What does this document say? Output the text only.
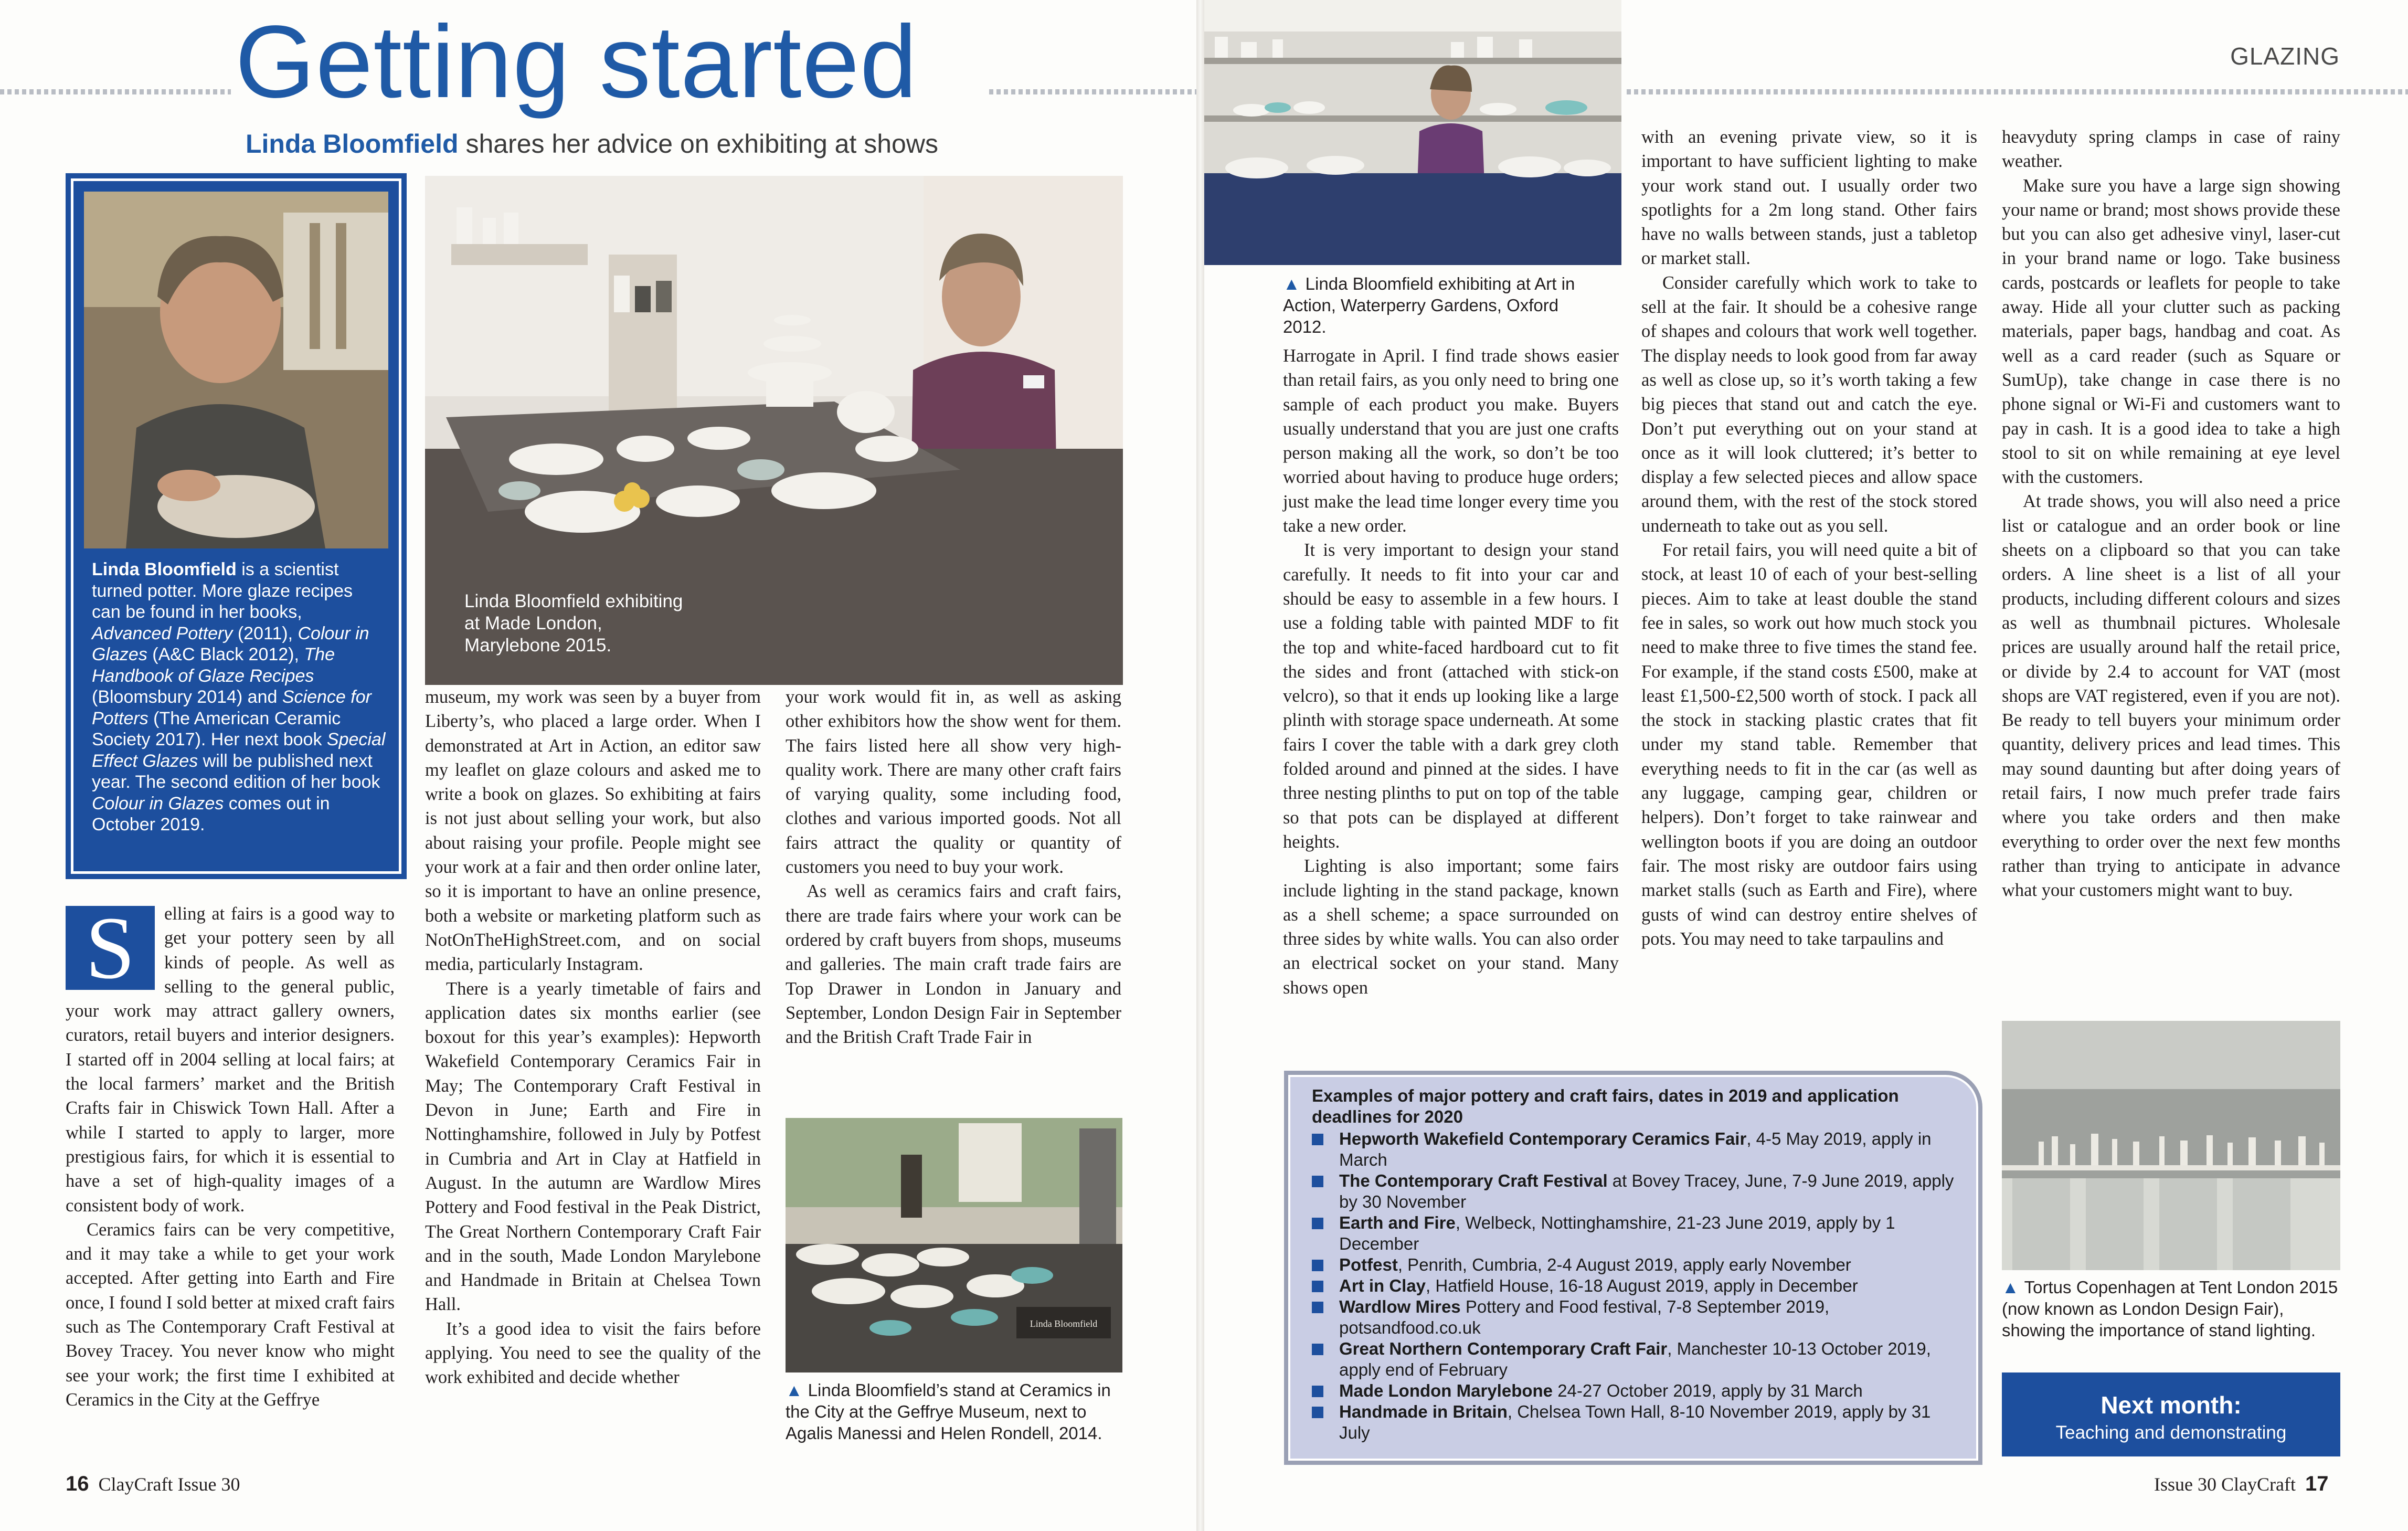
Getting started
Linda Bloomfield shares her advice on exhibiting at shows
GLAZING
Linda Bloomfield is a scientist turned potter. More glaze recipes can be found in her books, Advanced Pottery (2011), Colour in Glazes (A&C Black 2012), The Handbook of Glaze Recipes (Bloomsbury 2014) and Science for Potters (The American Ceramic Society 2017). Her next book Special Effect Glazes will be published next year. The second edition of her book Colour in Glazes comes out in October 2019.
Linda Bloomfield exhibiting at Made London, Marylebone 2015.

S	elling at fairs is a good way to get your pottery seen by all kinds of people. As well as selling to the general public, your work may attract gallery owners, curators, retail buyers and interior designers. I started off in 2004 selling at local fairs; at the local farmers’ market and the British Crafts fair in Chiswick Town Hall. After a while I started to apply to larger, more prestigious fairs, for which it is essential to have a set of high-quality images of a consistent body of work.

Ceramics fairs can be very competitive, and it may take a while to get your work accepted. After getting into Earth and Fire once, I found I sold better at mixed craft fairs such as The Contemporary Craft Festival at Bovey Tracey. You never know who might see your work; the first time I exhibited at Ceramics in the City at the Geffrye

museum, my work was seen by a buyer from Liberty’s, who placed a large order. When I demonstrated at Art in Action, an editor saw my leaflet on glaze colours and asked me to write a book on glazes. So exhibiting at fairs is not just about selling your work, but also about raising your profile. People might see your work at a fair and then order online later, so it is important to have an online presence, both a website or marketing platform such as NotOnTheHighStreet.com, and on social media, particularly Instagram.

There is a yearly timetable of fairs and application dates six months earlier (see boxout for this year’s examples): Hepworth Wakefield Contemporary Ceramics Fair in May; The Contemporary Craft Festival in Devon in June; Earth and Fire in Nottinghamshire, followed in July by Potfest in Cumbria and Art in Clay at Hatfield in August. In the autumn are Wardlow Mires Pottery and Food festival in the Peak District, The Great Northern Contemporary Craft Fair and in the south, Made London Marylebone and Handmade in Britain at Chelsea Town Hall.

It’s a good idea to visit the fairs before applying. You need to see the quality of the work exhibited and decide whether

your work would fit in, as well as asking other exhibitors how the show went for them. The fairs listed here all show very high-quality work. There are many other craft fairs of varying quality, some including food, clothes and various imported goods. Not all fairs attract the quality or quantity of customers you need to buy your work.

As well as ceramics fairs and craft fairs, there are trade fairs where your work can be ordered by craft buyers from shops, museums and galleries. The main craft trade fairs are Top Drawer in London in January and September, London Design Fair in September and the British Craft Trade Fair in

Linda Bloomfield
▲ Linda Bloomfield’s stand at Ceramics in the City at the Geffrye Museum, next to Agalis Manessi and Helen Rondell, 2014.
16 ClayCraft Issue 30
▲ Linda Bloomfield exhibiting at Art in Action, Waterperry Gardens, Oxford 2012.

Harrogate in April. I find trade shows easier than retail fairs, as you only need to bring one sample of each product you make. Buyers usually understand that you are just one crafts person making all the work, so don’t be too worried about having to produce huge orders; just make the lead time longer every time you take a new order.

It is very important to design your stand carefully. It needs to fit into your car and should be easy to assemble in a few hours. I use a folding table with painted MDF to fit the top and white-faced hardboard cut to fit the sides and front (attached with stick-on velcro), so that it ends up looking like a large plinth with storage space underneath. At some fairs I cover the table with a dark grey cloth folded around and pinned at the sides. I have three nesting plinths to put on top of the table so that pots can be displayed at different heights.

Lighting is also important; some fairs include lighting in the stand package, known as a shell scheme; a space surrounded on three sides by white walls. You can also order an electrical socket on your stand. Many shows open

with an evening private view, so it is important to have sufficient lighting to make your work stand out. I usually order two spotlights for a 2m long stand. Other fairs have no walls between stands, just a tabletop or market stall.

Consider carefully which work to take to sell at the fair. It should be a cohesive range of shapes and colours that work well together. The display needs to look good from far away as well as close up, so it’s worth taking a few big pieces that stand out and catch the eye. Don’t put everything out on your stand at once as it will look cluttered; it’s better to display a few selected pieces and allow space around them, with the rest of the stock stored underneath to take out as you sell.

For retail fairs, you will need quite a bit of stock, at least 10 of each of your best-selling pieces. Aim to take at least double the stand fee in sales, so work out how much stock you need to make three to five times the stand fee. For example, if the stand costs £500, make at least £1,500-£2,500 worth of stock. I pack all the stock in stacking plastic crates that fit under my stand table. Remember that everything needs to fit in the car (as well as any luggage, camping gear, children or helpers). Don’t forget to take rainwear and wellington boots if you are doing an outdoor fair. The most risky are outdoor fairs using market stalls (such as Earth and Fire), where gusts of wind can destroy entire shelves of pots. You may need to take tarpaulins and

heavyduty spring clamps in case of rainy weather.

Make sure you have a large sign showing your name or brand; most shows provide these but you can also get adhesive vinyl, laser-cut in your brand name or logo. Take business cards, postcards or leaflets for people to take away. Hide all your clutter such as packing materials, paper bags, handbag and coat. As well as a card reader (such as Square or SumUp), take change in case there is no phone signal or Wi-Fi and customers want to pay in cash. It is a good idea to take a high stool to sit on while remaining at eye level with the customers.

At trade shows, you will also need a price list or catalogue and an order book or line sheets on a clipboard so that you can take orders. A line sheet is a list of all your products, including different colours and sizes as well as thumbnail pictures. Wholesale prices are usually around half the retail price, or divide by 2.4 to account for VAT (most shops are VAT registered, even if you are not). Be ready to tell buyers your minimum order quantity, delivery prices and lead times. This may sound daunting but after doing years of retail fairs, I now much prefer trade fairs where you take orders and then make everything to order over the next few months rather than trying to anticipate in advance what your customers might want to buy.

▲ Tortus Copenhagen at Tent London 2015 (now known as London Design Fair), showing the importance of stand lighting.
Examples of major pottery and craft fairs, dates in 2019 and application deadlines for 2020
Hepworth Wakefield Contemporary Ceramics Fair, 4-5 May 2019, apply in March
The Contemporary Craft Festival at Bovey Tracey, June, 7-9 June 2019, apply by 30 November
Earth and Fire, Welbeck, Nottinghamshire, 21-23 June 2019, apply by 1 December
Potfest, Penrith, Cumbria, 2-4 August 2019, apply early November
Art in Clay, Hatfield House, 16-18 August 2019, apply in December
Wardlow Mires Pottery and Food festival, 7-8 September 2019, potsandfood.co.uk
Great Northern Contemporary Craft Fair, Manchester 10-13 October 2019, apply end of February
Made London Marylebone 24-27 October 2019, apply by 31 March
Handmade in Britain, Chelsea Town Hall, 8-10 November 2019, apply by 31 July
Next month:
Teaching and demonstrating
Issue 30 ClayCraft 17
